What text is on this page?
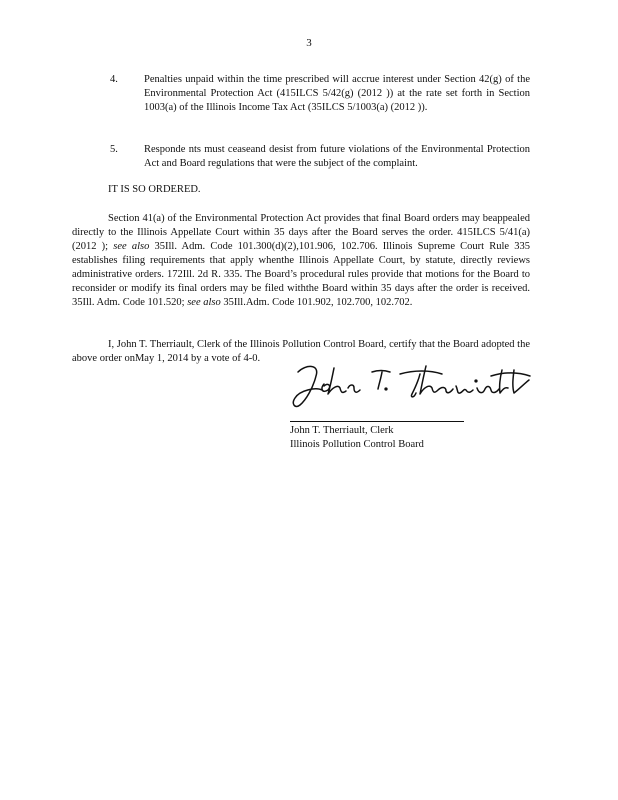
3
4. Penalties unpaid within the time prescribed will accrue interest under Section 42(g) of the Environmental Protection Act (415ILCS 5/42(g) (2012 )) at the rate set forth in Section 1003(a) of the Illinois Income Tax Act (35ILCS 5/1003(a) (2012 )).
5. Responde nts must ceaseand desist from future violations of the Environmental Protection Act and Board regulations that were the subject of the complaint.
IT IS SO ORDERED.
Section 41(a) of the Environmental Protection Act provides that final Board orders may beappealed directly to the Illinois Appellate Court within 35 days after the Board serves the order. 415ILCS 5/41(a) (2012 ); see also 35Ill. Adm. Code 101.300(d)(2),101.906, 102.706. Illinois Supreme Court Rule 335 establishes filing requirements that apply whenthe Illinois Appellate Court, by statute, directly reviews administrative orders. 172Ill. 2d R. 335. The Board’s procedural rules provide that motions for the Board to reconsider or modify its final orders may be filed withthe Board within 35 days after the order is received. 35Ill. Adm. Code 101.520; see also 35Ill.Adm. Code 101.902, 102.700, 102.702.
I, John T. Therriault, Clerk of the Illinois Pollution Control Board, certify that the Board adopted the above order onMay 1, 2014 by a vote of 4-0.
John T. Therriault, Clerk
Illinois Pollution Control Board
